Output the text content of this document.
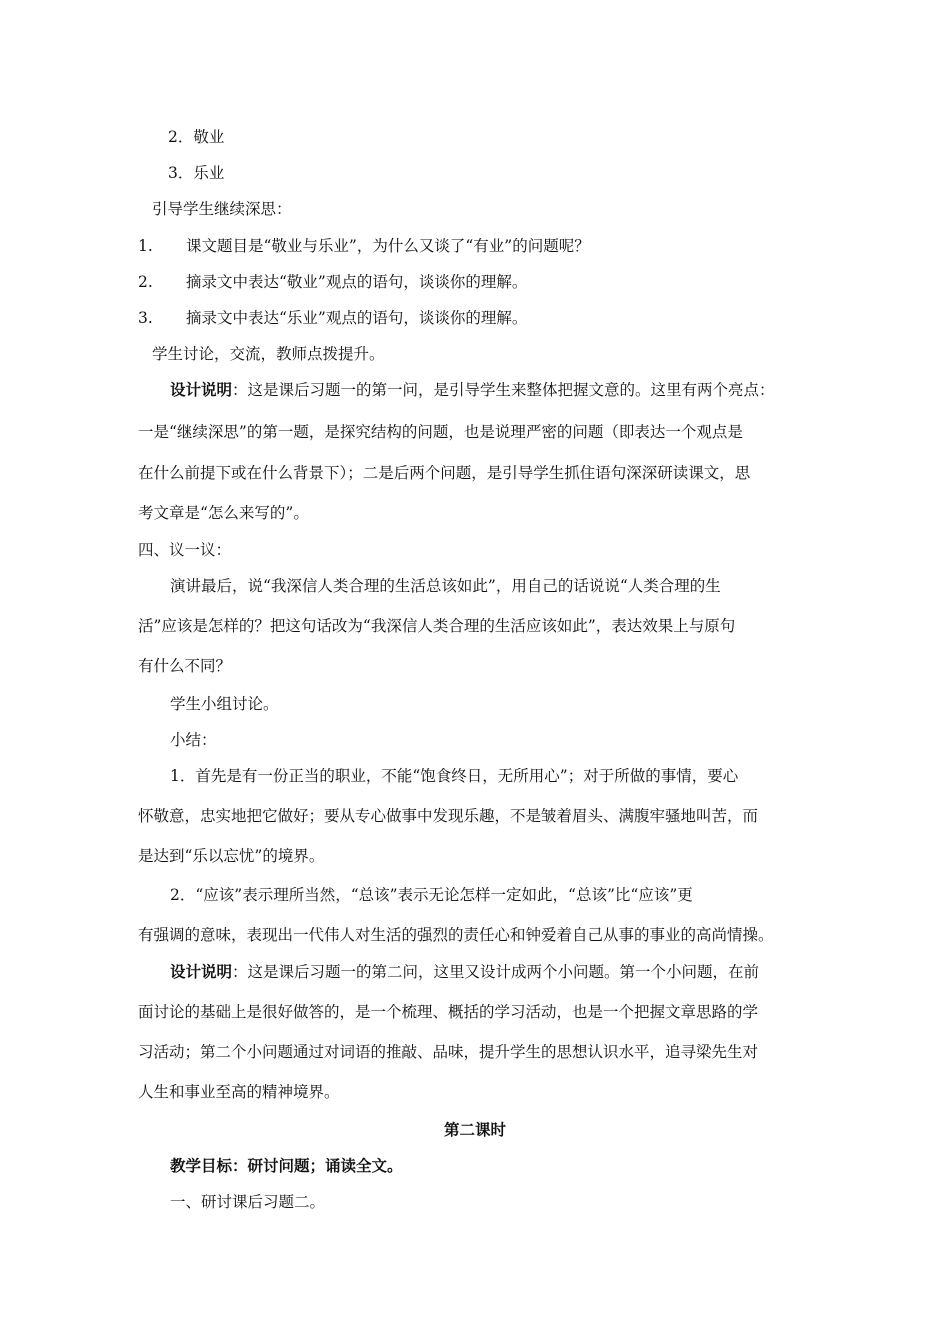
2．敬业
3．乐业
引导学生继续深思：
1. 课文题目是“敬业与乐业”，为什么又谈了“有业”的问题呢？
2. 摘录文中表达“敬业”观点的语句，谈谈你的理解。
3. 摘录文中表达“乐业”观点的语句，谈谈你的理解。
学生讨论，交流，教师点拨提升。
设计说明：这是课后习题一的第一问，是引导学生来整体把握文意的。这里有两个亮点：
一是“继续深思”的第一题，是探究结构的问题，也是说理严密的问题（即表达一个观点是
在什么前提下或在什么背景下）；二是后两个问题，是引导学生抓住语句深深研读课文，思
考文章是“怎么来写的”。
四、议一议：
演讲最后，说“我深信人类合理的生活总该如此”，用自己的话说说“人类合理的生
活”应该是怎样的？把这句话改为“我深信人类合理的生活应该如此”，表达效果上与原句
有什么不同？
学生小组讨论。
小结：
1．首先是有一份正当的职业，不能“饱食终日，无所用心”；对于所做的事情，要心
怀敬意，忠实地把它做好；要从专心做事中发现乐趣，不是皱着眉头、满腹牢骚地叫苦，而
是达到“乐以忘忧”的境界。
2．“应该”表示理所当然，“总该”表示无论怎样一定如此，“总该”比“应该”更
有强调的意味，表现出一代伟人对生活的强烈的责任心和钟爱着自己从事的事业的高尚情操。
设计说明：这是课后习题一的第二问，这里又设计成两个小问题。第一个小问题，在前
面讨论的基础上是很好做答的，是一个梳理、概括的学习活动，也是一个把握文章思路的学
习活动；第二个小问题通过对词语的推敲、品味，提升学生的思想认识水平，追寻梁先生对
人生和事业至高的精神境界。
第二课时
教学目标：研讨问题；诵读全文。
一、研讨课后习题二。
